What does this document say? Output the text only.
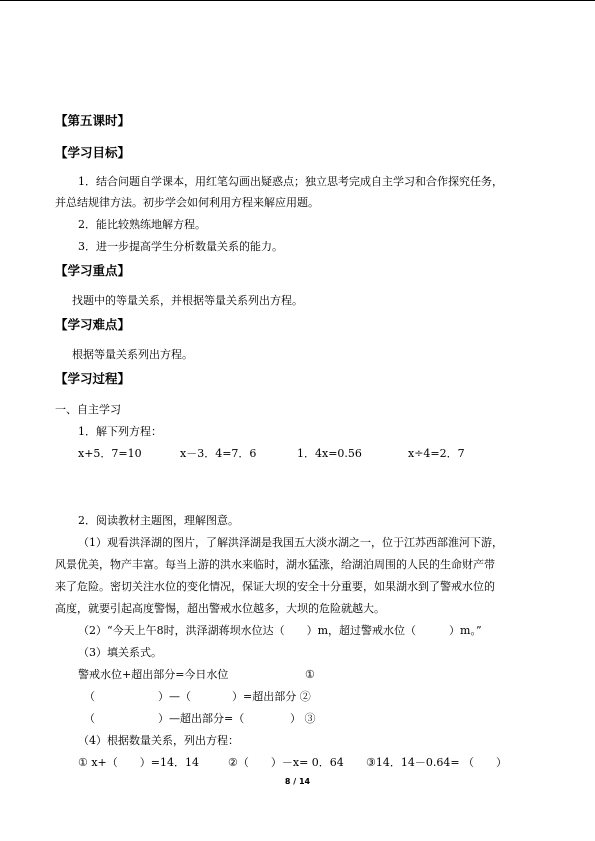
【第五课时】
【学习目标】
1．结合问题自学课本，用红笔勾画出疑惑点；独立思考完成自主学习和合作探究任务，
并总结规律方法。初步学会如何利用方程来解应用题。
2．能比较熟练地解方程。
3．进一步提高学生分析数量关系的能力。
【学习重点】
找题中的等量关系，并根据等量关系列出方程。
【学习难点】
根据等量关系列出方程。
【学习过程】
一、自主学习
1．解下列方程：
x+5．7=10	x－3．4=7．6	1．4x=0.56	x÷4=2．7
2．阅读教材主题图，理解图意。
（1）观看洪泽湖的图片，了解洪泽湖是我国五大淡水湖之一，位于江苏西部淮河下游，
风景优美，物产丰富。每当上游的洪水来临时，湖水猛涨，给湖泊周围的人民的生命财产带
来了危险。密切关注水位的变化情况，保证大坝的安全十分重要，如果湖水到了警戒水位的
高度，就要引起高度警惕，超出警戒水位越多，大坝的危险就越大。
（2）“今天上午8时，洪泽湖蒋坝水位达（　　）m，超过警戒水位（　　　）m。”
（3）填关系式。
警戒水位+超出部分=今日水位	①
（	）—（	）=超出部分 ②
（	）—超出部分=（	） ③
（4）根据数量关系，列出方程：
① x+（　　）=14．14	②（　　）－x= 0．64 ③14．14－0.64= （　　）
8 / 14
